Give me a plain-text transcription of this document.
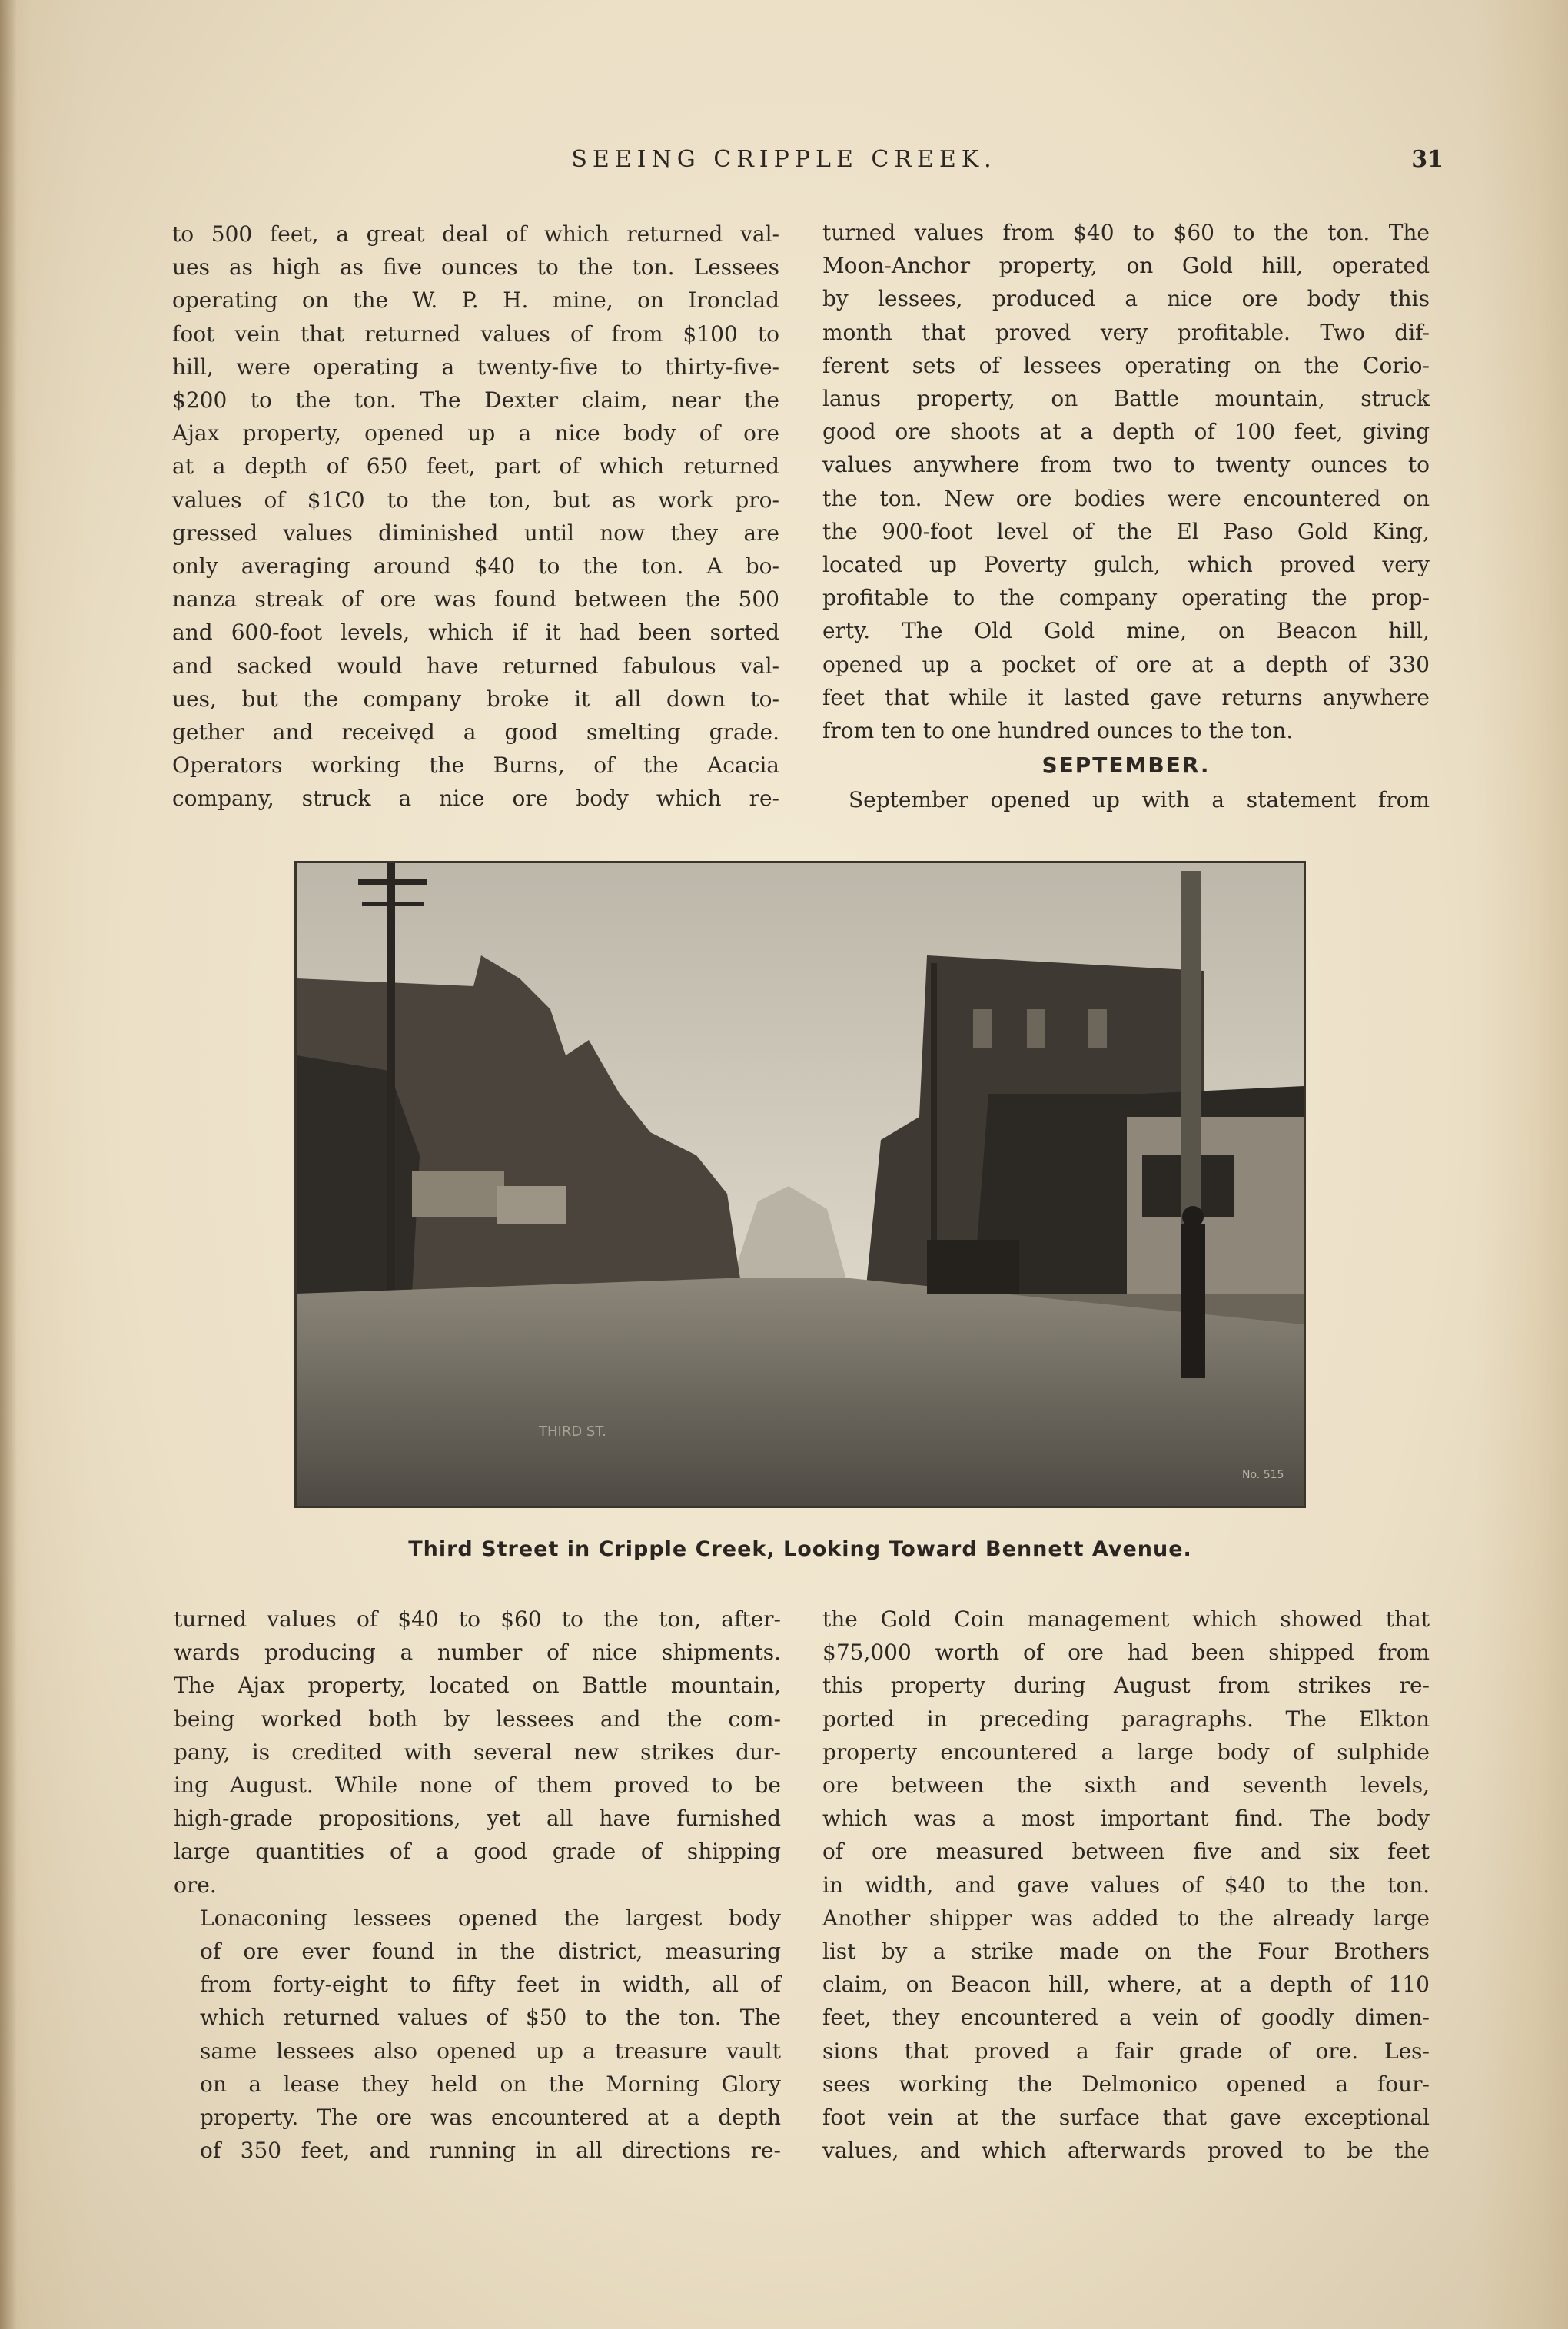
SEEING CRIPPLE CREEK.	31

to 500 feet, a great deal of which returned val-
ues as high as five ounces to the ton. Lessees
operating on the W. P. H. mine, on Ironclad
foot vein that returned values of from $100 to
hill, were operating a twenty-five to thirty-five-
$200 to the ton. The Dexter claim, near the
Ajax property, opened up a nice body of ore
at a depth of 650 feet, part of which returned
values of $1C0 to the ton, but as work pro-
gressed values diminished until now they are
only averaging around $40 to the ton. A bo-
nanza streak of ore was found between the 500
and 600-foot levels, which if it had been sorted
and sacked would have returned fabulous val-
ues, but the company broke it all down to-
gether and receivęd a good smelting grade.
Operators working the Burns, of the Acacia
company, struck a nice ore body which re-

turned values from $40 to $60 to the ton. The
Moon-Anchor property, on Gold hill, operated
by lessees, produced a nice ore body this
month that proved very profitable. Two dif-
ferent sets of lessees operating on the Corio-
lanus property, on Battle mountain, struck
good ore shoots at a depth of 100 feet, giving
values anywhere from two to twenty ounces to
the ton. New ore bodies were encountered on
the 900-foot level of the El Paso Gold King,
located up Poverty gulch, which proved very
profitable to the company operating the prop-
erty. The Old Gold mine, on Beacon hill,
opened up a pocket of ore at a depth of 330
feet that while it lasted gave returns anywhere
from ten to one hundred ounces to the ton.

SEPTEMBER.

September opened up with a statement from

THIRD ST.
No. 515
Third Street in Cripple Creek, Looking Toward Bennett Avenue.

turned values of $40 to $60 to the ton, after-
wards producing a number of nice shipments.
The Ajax property, located on Battle mountain,
being worked both by lessees and the com-
pany, is credited with several new strikes dur-
ing August. While none of them proved to be
high-grade propositions, yet all have furnished
large quantities of a good grade of shipping
ore.

Lonaconing lessees opened the largest body
of ore ever found in the district, measuring
from forty-eight to fifty feet in width, all of
which returned values of $50 to the ton. The
same lessees also opened up a treasure vault
on a lease they held on the Morning Glory
property. The ore was encountered at a depth
of 350 feet, and running in all directions re-

the Gold Coin management which showed that
$75,000 worth of ore had been shipped from
this property during August from strikes re-
ported in preceding paragraphs. The Elkton
property encountered a large body of sulphide
ore between the sixth and seventh levels,
which was a most important find. The body
of ore measured between five and six feet
in width, and gave values of $40 to the ton.
Another shipper was added to the already large
list by a strike made on the Four Brothers
claim, on Beacon hill, where, at a depth of 110
feet, they encountered a vein of goodly dimen-
sions that proved a fair grade of ore. Les-
sees working the Delmonico opened a four-
foot vein at the surface that gave exceptional
values, and which afterwards proved to be the
